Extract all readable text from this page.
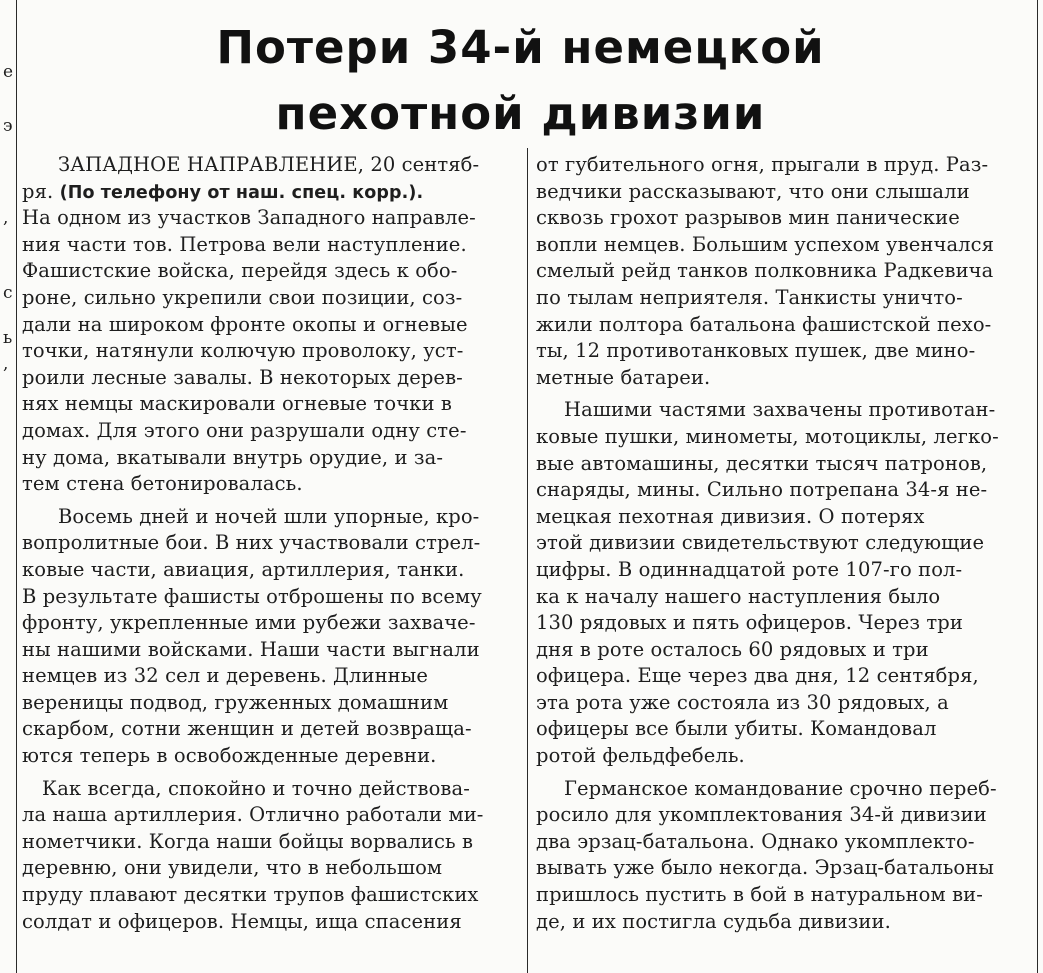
е
э
,
с
ь
,
Потери 34-й немецкой
пехотной дивизии
ЗАПАДНОЕ НАПРАВЛЕНИЕ, 20 сентяб-
ря. (По телефону от наш. спец. корр.).
На одном из участков Западного направле-
ния части тов. Петрова вели наступление.
Фашистские войска, перейдя здесь к обо-
роне, сильно укрепили свои позиции, соз-
дали на широком фронте окопы и огневые
точки, натянули колючую проволоку, уст-
роили лесные завалы. В некоторых дерев-
нях немцы маскировали огневые точки в
домах. Для этого они разрушали одну сте-
ну дома, вкатывали внутрь орудие, и за-
тем стена бетонировалась.
Восемь дней и ночей шли упорные, кро-
вопролитные бои. В них участвовали стрел-
ковые части, авиация, артиллерия, танки.
В результате фашисты отброшены по всему
фронту, укрепленные ими рубежи захваче-
ны нашими войсками. Наши части выгнали
немцев из 32 сел и деревень. Длинные
вереницы подвод, груженных домашним
скарбом, сотни женщин и детей возвраща-
ются теперь в освобожденные деревни.
Как всегда, спокойно и точно действова-
ла наша артиллерия. Отлично работали ми-
нометчики. Когда наши бойцы ворвались в
деревню, они увидели, что в небольшом
пруду плавают десятки трупов фашистских
солдат и офицеров. Немцы, ища спасения
от губительного огня, прыгали в пруд. Раз-
ведчики рассказывают, что они слышали
сквозь грохот разрывов мин панические
вопли немцев. Большим успехом увенчался
смелый рейд танков полковника Радкевича
по тылам неприятеля. Танкисты уничто-
жили полтора батальона фашистской пехо-
ты, 12 противотанковых пушек, две мино-
метные батареи.
Нашими частями захвачены противотан-
ковые пушки, минометы, мотоциклы, легко-
вые автомашины, десятки тысяч патронов,
снаряды, мины. Сильно потрепана 34-я не-
мецкая пехотная дивизия. О потерях
этой дивизии свидетельствуют следующие
цифры. В одиннадцатой роте 107-го пол-
ка к началу нашего наступления было
130 рядовых и пять офицеров. Через три
дня в роте осталось 60 рядовых и три
офицера. Еще через два дня, 12 сентября,
эта рота уже состояла из 30 рядовых, а
офицеры все были убиты. Командовал
ротой фельдфебель.
Германское командование срочно переб-
росило для укомплектования 34-й дивизии
два эрзац-батальона. Однако укомплекто-
вывать уже было некогда. Эрзац-батальоны
пришлось пустить в бой в натуральном ви-
де, и их постигла судьба дивизии.
